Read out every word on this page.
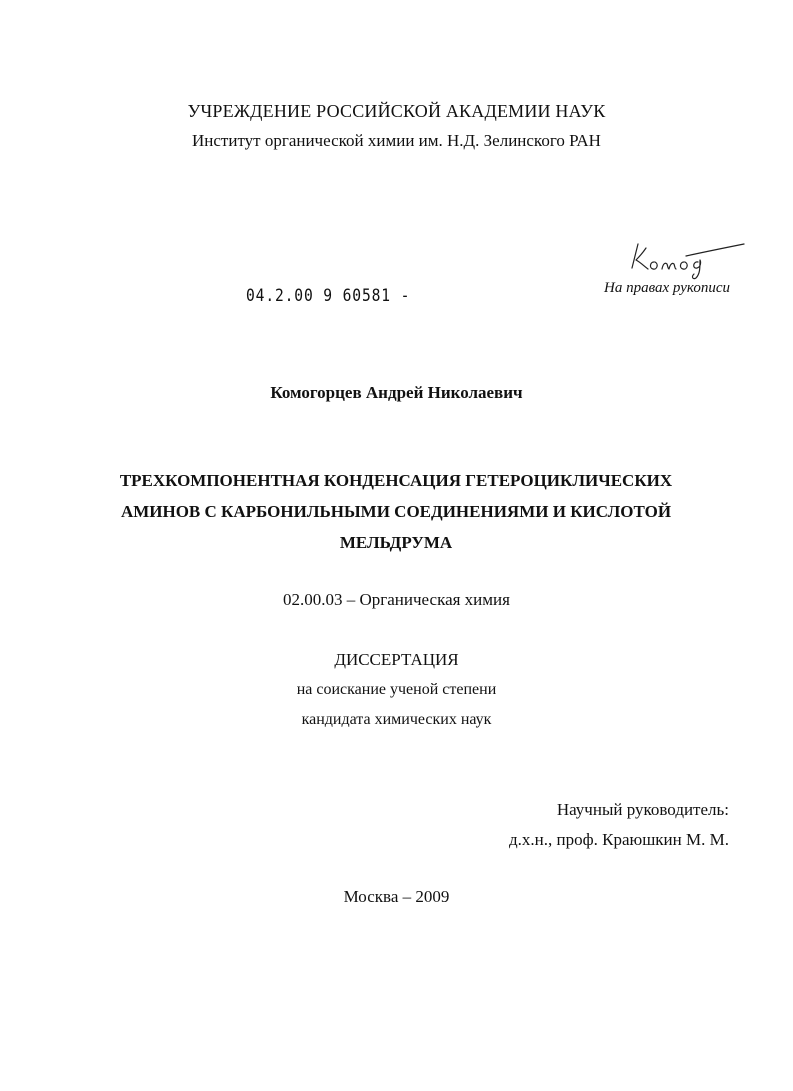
УЧРЕЖДЕНИЕ РОССИЙСКОЙ АКАДЕМИИ НАУК
Институт органической химии им. Н.Д. Зелинского РАН
На правах рукописи
04.2.00 9 60581 -
Комогорцев Андрей Николаевич
ТРЕХКОМПОНЕНТНАЯ КОНДЕНСАЦИЯ ГЕТЕРОЦИКЛИЧЕСКИХ
АМИНОВ С КАРБОНИЛЬНЫМИ СОЕДИНЕНИЯМИ И КИСЛОТОЙ
МЕЛЬДРУМА
02.00.03 – Органическая химия
ДИССЕРТАЦИЯ
на соискание ученой степени
кандидата химических наук
Научный руководитель:
д.х.н., проф. Краюшкин М. М.
Москва – 2009
